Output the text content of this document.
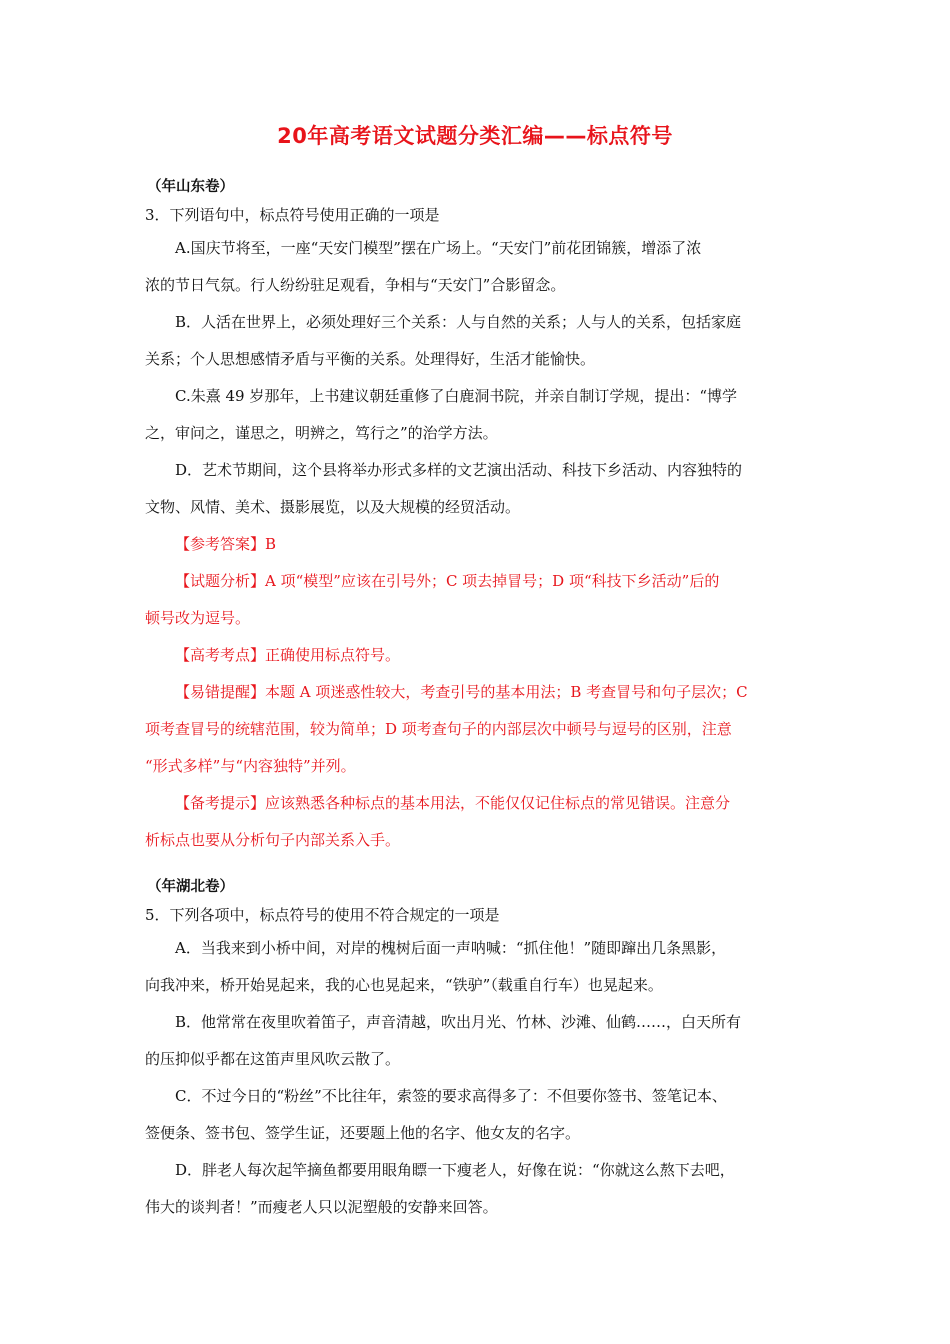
20年高考语文试题分类汇编——标点符号
（年山东卷）
3．下列语句中，标点符号使用正确的一项是
A.国庆节将至，一座“天安门模型”摆在广场上。“天安门”前花团锦簇，增添了浓
浓的节日气氛。行人纷纷驻足观看，争相与“天安门”合影留念。
B．人活在世界上，必须处理好三个关系：人与自然的关系；人与人的关系，包括家庭
关系；个人思想感情矛盾与平衡的关系。处理得好，生活才能愉快。
C.朱熹 49 岁那年，上书建议朝廷重修了白鹿洞书院，并亲自制订学规，提出：“博学
之，审问之，谨思之，明辨之，笃行之”的治学方法。
D．艺术节期间，这个县将举办形式多样的文艺演出活动、科技下乡活动、内容独特的
文物、风情、美术、摄影展览，以及大规模的经贸活动。
【参考答案】B
【试题分析】A 项“模型”应该在引号外；C 项去掉冒号；D 项“科技下乡活动”后的
顿号改为逗号。
【高考考点】正确使用标点符号。
【易错提醒】本题 A 项迷惑性较大，考查引号的基本用法；B 考查冒号和句子层次；C
项考查冒号的统辖范围，较为简单；D 项考查句子的内部层次中顿号与逗号的区别，注意
“形式多样”与“内容独特”并列。
【备考提示】应该熟悉各种标点的基本用法，不能仅仅记住标点的常见错误。注意分
析标点也要从分析句子内部关系入手。
（年湖北卷）
5．下列各项中，标点符号的使用不符合规定的一项是
A．当我来到小桥中间，对岸的槐树后面一声呐喊：“抓住他！”随即蹿出几条黑影，
向我冲来，桥开始晃起来，我的心也晃起来，“铁驴”（载重自行车）也晃起来。
B．他常常在夜里吹着笛子，声音清越，吹出月光、竹林、沙滩、仙鹤……，白天所有
的压抑似乎都在这笛声里风吹云散了。
C．不过今日的“粉丝”不比往年，索签的要求高得多了：不但要你签书、签笔记本、
签便条、签书包、签学生证，还要题上他的名字、他女友的名字。
D．胖老人每次起竿摘鱼都要用眼角瞟一下瘦老人，好像在说：“你就这么熬下去吧，
伟大的谈判者！”而瘦老人只以泥塑般的安静来回答。
